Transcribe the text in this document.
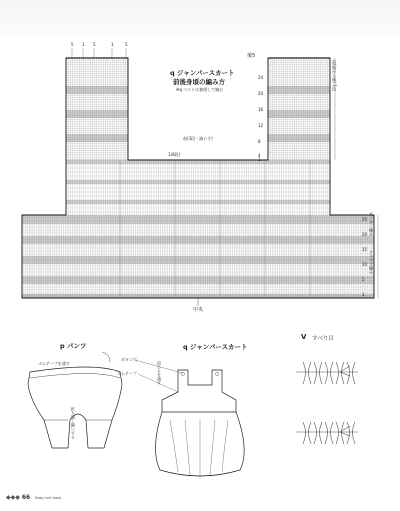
q ジャンパースカート
前後身頃の編み方
※q ベストは参照して編む
後5
前(3段・減らす)
前(裾から縁) 1段
ガーター編み
メリヤス編み
中央
1(8段)
24
20
16
12
8
4
1
25
20
15
10
5
1
5 1 5	1	5
p パンツ
ゴムテープを通す
折り返し縫いする
q ジャンパースカート
ボタン穴
ゴムテープ	肩ひもを通す
V すべり目
◆◆◆ 66 Baby knit book
